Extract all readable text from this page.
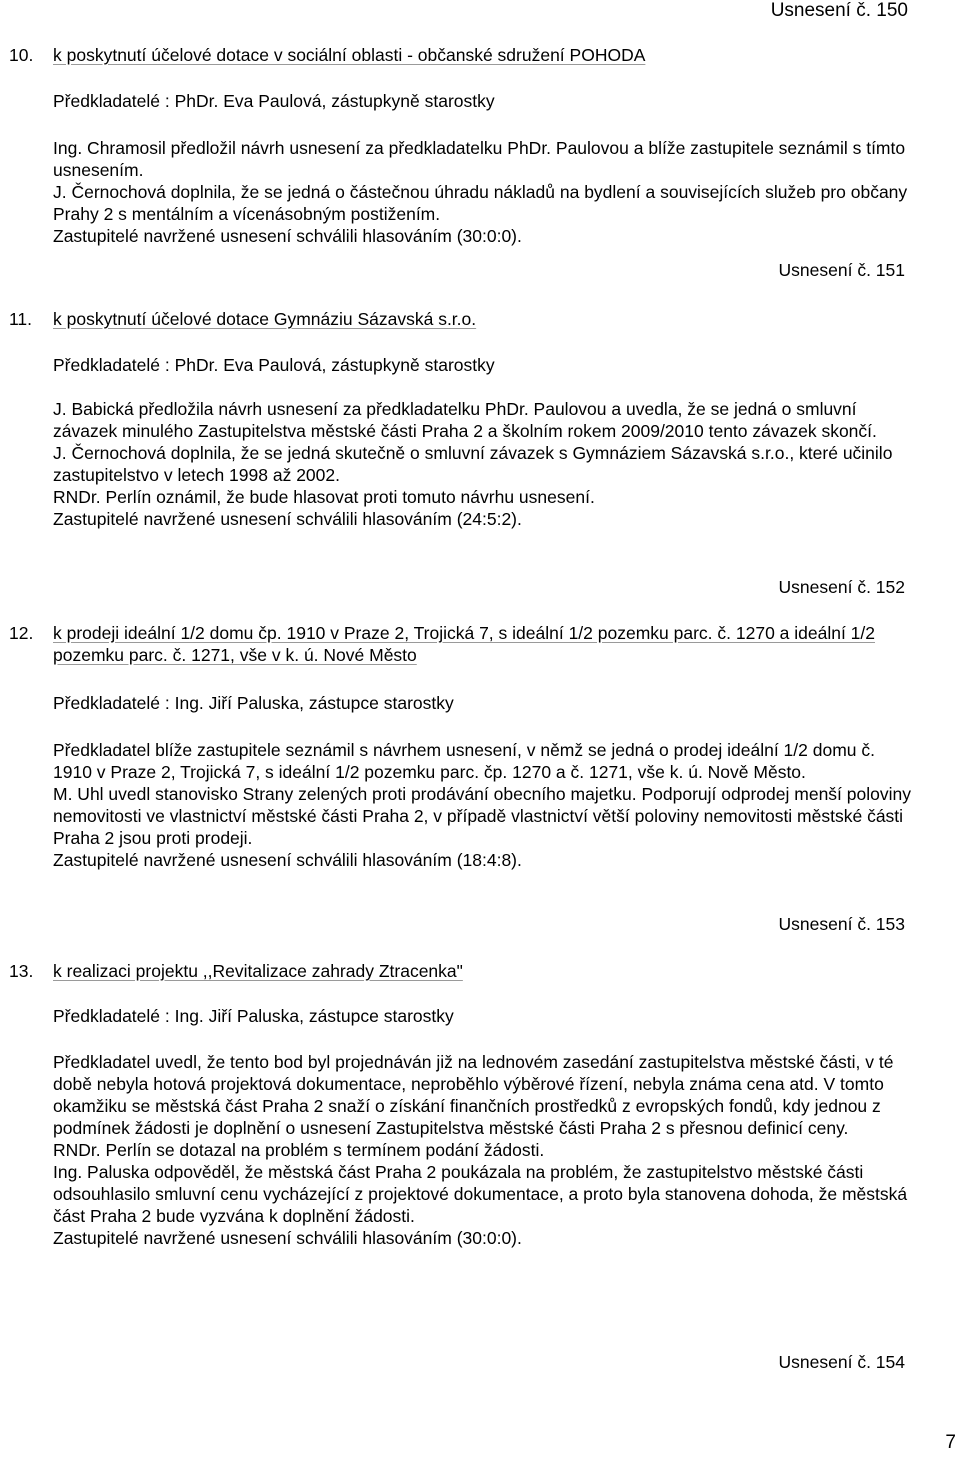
Usnesení č. 150
10. k poskytnutí účelové dotace v sociální oblasti - občanské sdružení POHODA
Předkladatelé : PhDr. Eva Paulová, zástupkyně starostky

Ing. Chramosil předložil návrh usnesení za předkladatelku PhDr. Paulovou a blíže zastupitele seznámil s tímto usnesením.

J. Černochová doplnila, že se jedná o částečnou úhradu nákladů na bydlení a souvisejících služeb pro občany Prahy 2 s mentálním a vícenásobným postižením.

Zastupitelé navržené usnesení schválili hlasováním (30:0:0).

Usnesení č. 151
11. k poskytnutí účelové dotace Gymnáziu Sázavská s.r.o.
Předkladatelé : PhDr. Eva Paulová, zástupkyně starostky

J. Babická předložila návrh usnesení za předkladatelku PhDr. Paulovou a uvedla, že se jedná o smluvní závazek minulého Zastupitelstva městské části Praha 2 a školním rokem 2009/2010 tento závazek skončí.

J. Černochová doplnila, že se jedná skutečně o smluvní závazek s Gymnáziem Sázavská s.r.o., které učinilo zastupitelstvo v letech 1998 až 2002.

RNDr. Perlín oznámil, že bude hlasovat proti tomuto návrhu usnesení.

Zastupitelé navržené usnesení schválili hlasováním (24:5:2).

Usnesení č. 152
12. k prodeji ideální 1/2 domu čp. 1910 v Praze 2, Trojická 7, s ideální 1/2 pozemku parc. č. 1270 a ideální 1/2 pozemku parc. č. 1271, vše v k. ú. Nové Město
Předkladatelé : Ing. Jiří Paluska, zástupce starostky

Předkladatel blíže zastupitele seznámil s návrhem usnesení, v němž se jedná o prodej ideální 1/2 domu č. 1910 v Praze 2, Trojická 7, s ideální 1/2 pozemku parc. čp. 1270 a č. 1271, vše k. ú. Nově Město.

M. Uhl uvedl stanovisko Strany zelených proti prodávání obecního majetku. Podporují odprodej menší poloviny nemovitosti ve vlastnictví městské části Praha 2, v případě vlastnictví větší poloviny nemovitosti městské části Praha 2 jsou proti prodeji.

Zastupitelé navržené usnesení schválili hlasováním (18:4:8).

Usnesení č. 153
13. k realizaci projektu ,,Revitalizace zahrady Ztracenka"
Předkladatelé : Ing. Jiří Paluska, zástupce starostky

Předkladatel uvedl, že tento bod byl projednáván již na lednovém zasedání zastupitelstva městské části, v té době nebyla hotová projektová dokumentace, neproběhlo výběrové řízení, nebyla známa cena atd. V tomto okamžiku se městská část Praha 2 snaží o získání finančních prostředků z evropských fondů, kdy jednou z podmínek žádosti je doplnění o usnesení Zastupitelstva městské části Praha 2 s přesnou definicí ceny.

RNDr. Perlín se dotazal na problém s termínem podání žádosti.

Ing. Paluska odpověděl, že městská část Praha 2 poukázala na problém, že zastupitelstvo městské části odsouhlasilo smluvní cenu vycházející z projektové dokumentace, a proto byla stanovena dohoda, že městská část Praha 2 bude vyzvána k doplnění žádosti.

Zastupitelé navržené usnesení schválili hlasováním (30:0:0).

Usnesení č. 154
7
